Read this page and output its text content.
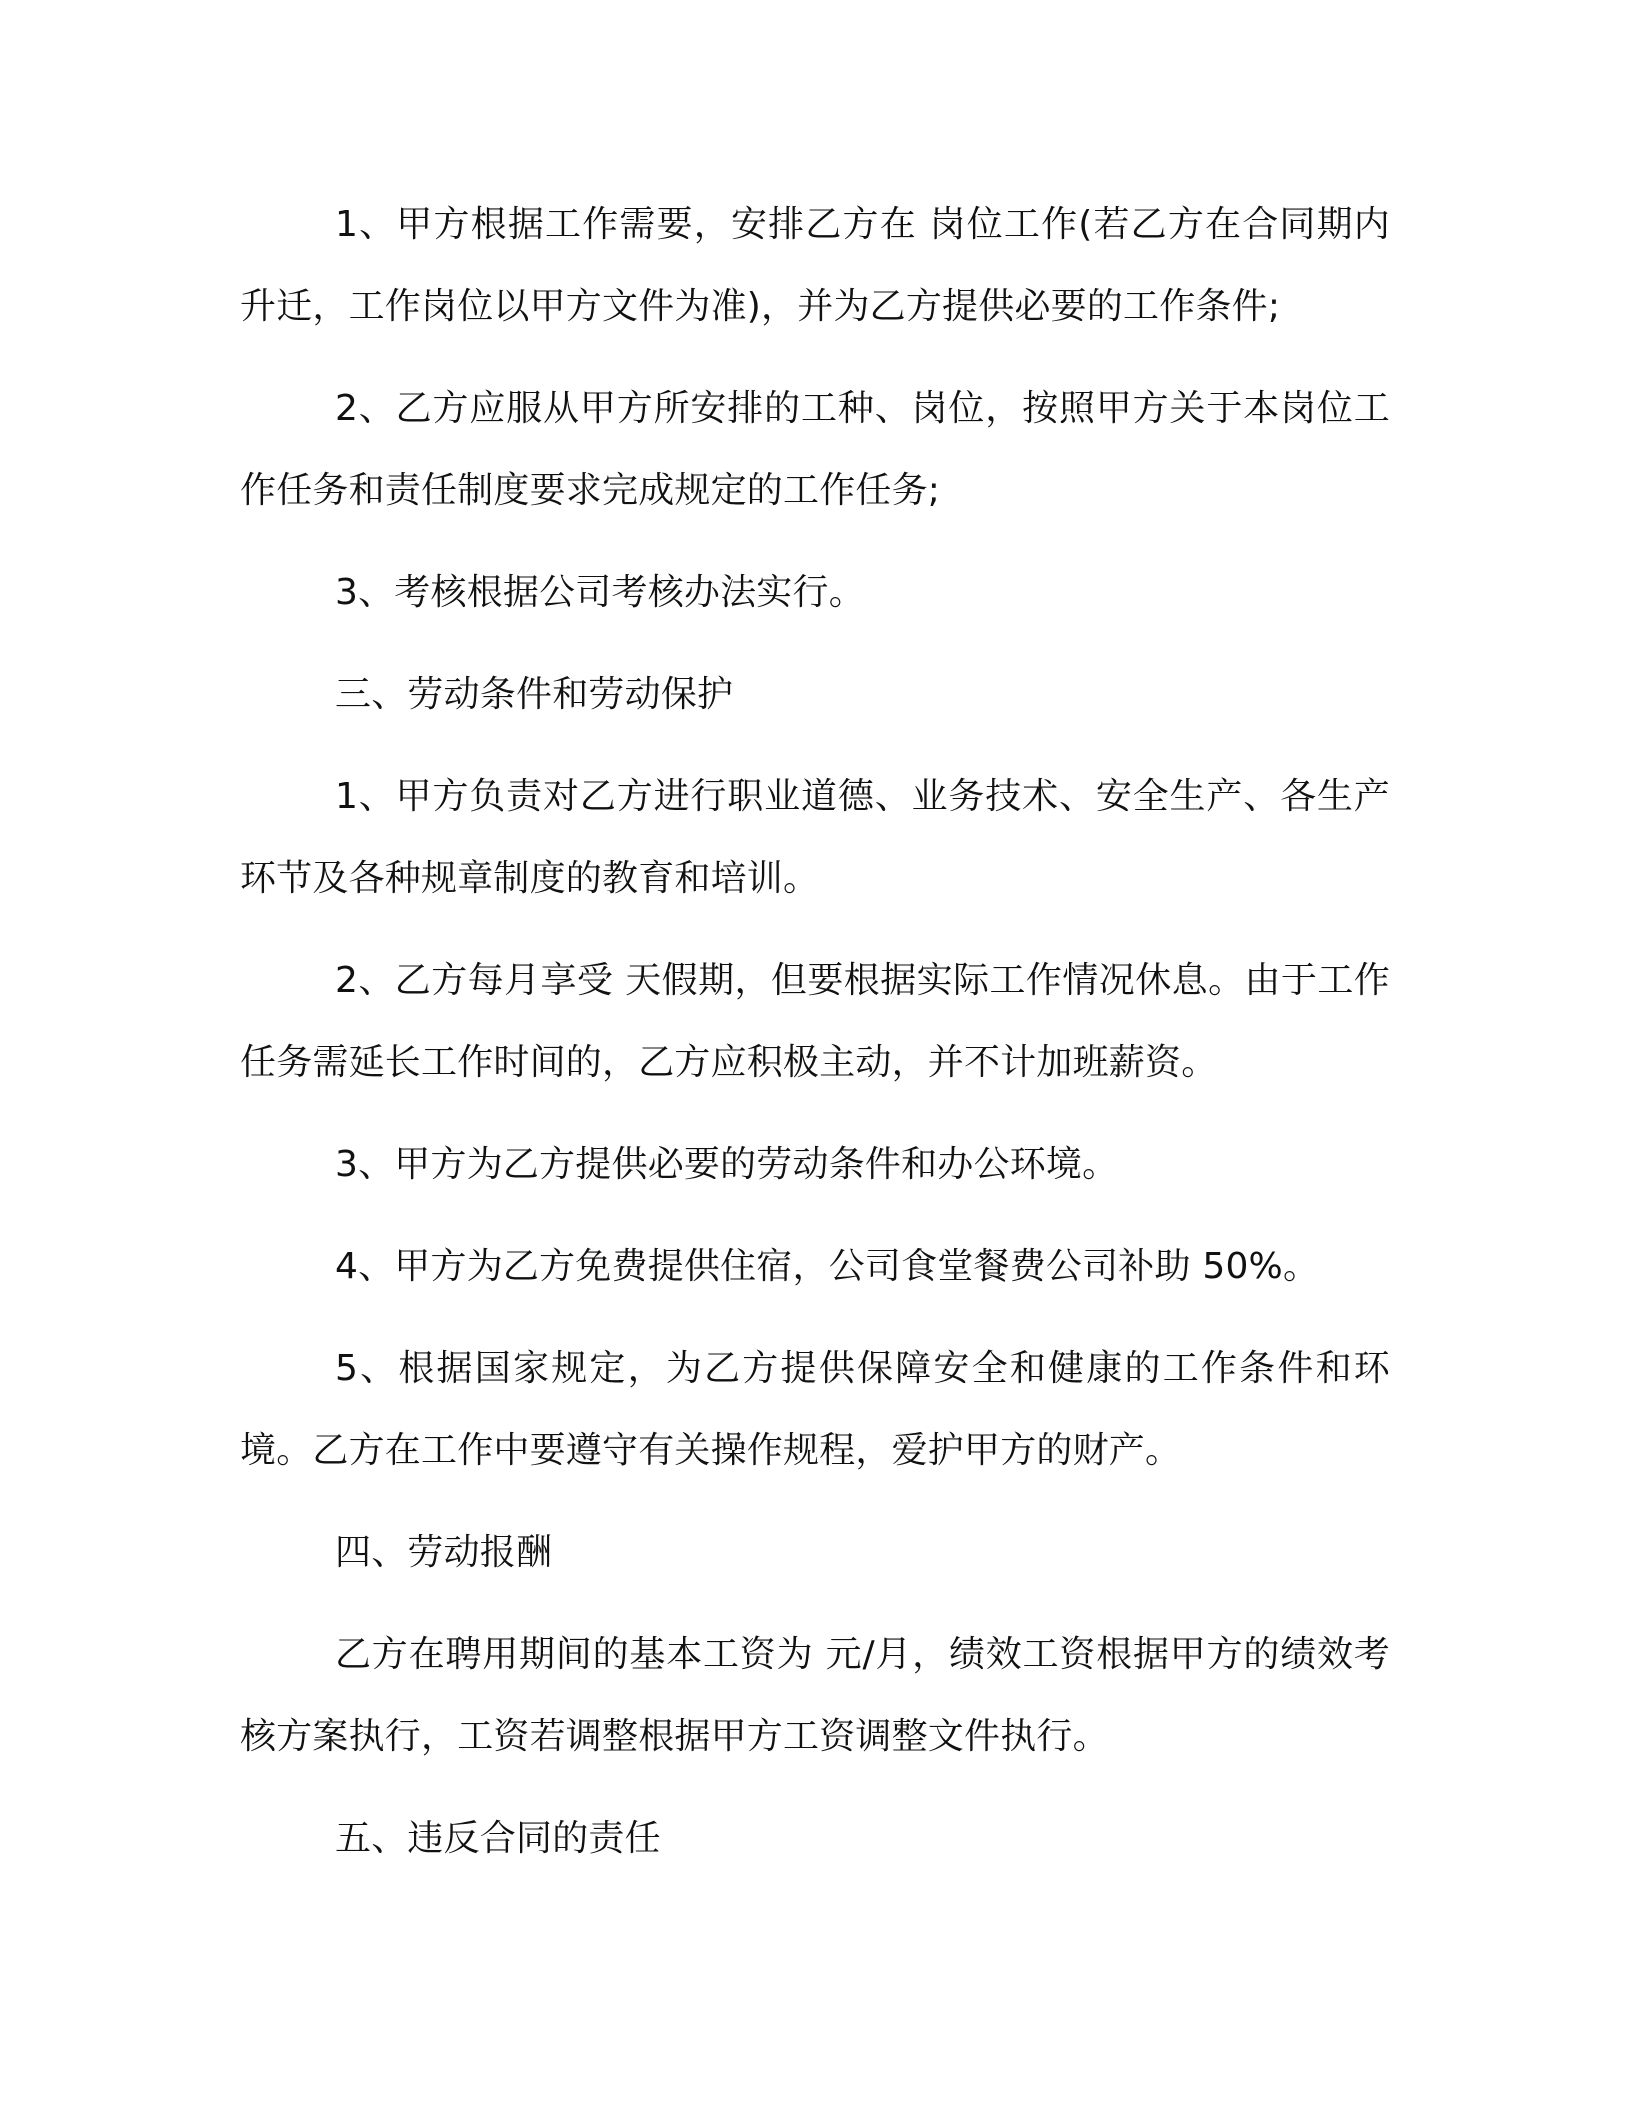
1、甲方根据工作需要，安排乙方在 岗位工作(若乙方在合同期内升迁，工作岗位以甲方文件为准)，并为乙方提供必要的工作条件;

2、乙方应服从甲方所安排的工种、岗位，按照甲方关于本岗位工作任务和责任制度要求完成规定的工作任务;

3、考核根据公司考核办法实行。

三、劳动条件和劳动保护

1、甲方负责对乙方进行职业道德、业务技术、安全生产、各生产环节及各种规章制度的教育和培训。

2、乙方每月享受 天假期，但要根据实际工作情况休息。由于工作任务需延长工作时间的，乙方应积极主动，并不计加班薪资。

3、甲方为乙方提供必要的劳动条件和办公环境。

4、甲方为乙方免费提供住宿，公司食堂餐费公司补助 50%。

5、根据国家规定，为乙方提供保障安全和健康的工作条件和环境。乙方在工作中要遵守有关操作规程，爱护甲方的财产。

四、劳动报酬

乙方在聘用期间的基本工资为 元/月，绩效工资根据甲方的绩效考核方案执行，工资若调整根据甲方工资调整文件执行。

五、违反合同的责任
